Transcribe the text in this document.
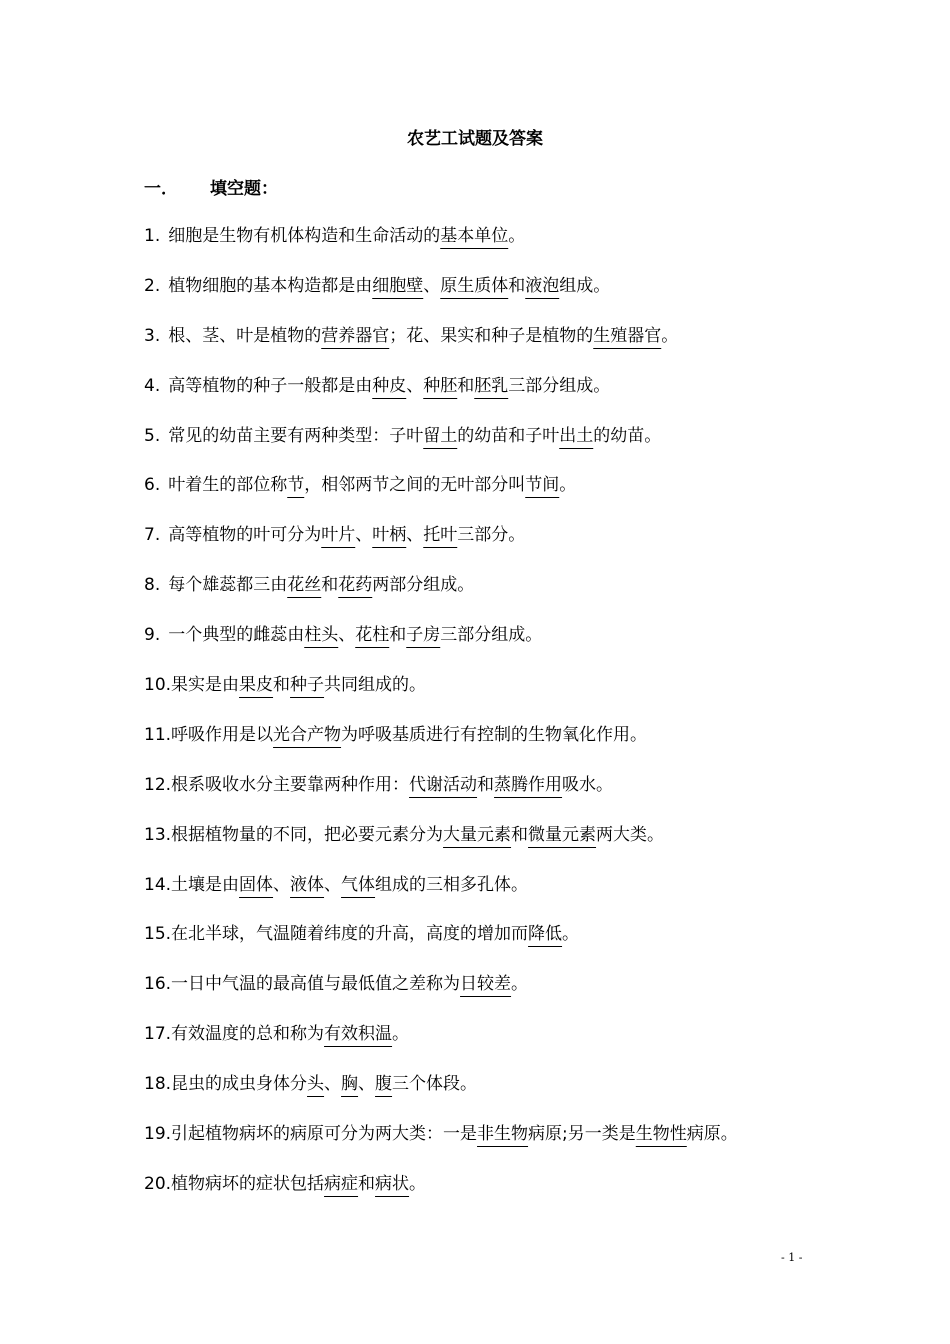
农艺工试题及答案
一． 填空题：
1. 细胞是生物有机体构造和生命活动的基本单位。
2. 植物细胞的基本构造都是由细胞壁、原生质体和液泡组成。
3. 根、茎、叶是植物的营养器官；花、果实和种子是植物的生殖器官。
4. 高等植物的种子一般都是由种皮、种胚和胚乳三部分组成。
5. 常见的幼苗主要有两种类型：子叶留土的幼苗和子叶出土的幼苗。
6. 叶着生的部位称节，相邻两节之间的无叶部分叫节间。
7. 高等植物的叶可分为叶片、叶柄、托叶三部分。
8. 每个雄蕊都三由花丝和花药两部分组成。
9. 一个典型的雌蕊由柱头、花柱和子房三部分组成。
10.果实是由果皮和种子共同组成的。
11.呼吸作用是以光合产物为呼吸基质进行有控制的生物氧化作用。
12.根系吸收水分主要靠两种作用：代谢活动和蒸腾作用吸水。
13.根据植物量的不同，把必要元素分为大量元素和微量元素两大类。
14.土壤是由固体、液体、气体组成的三相多孔体。
15.在北半球，气温随着纬度的升高，高度的增加而降低。
16.一日中气温的最高值与最低值之差称为日较差。
17.有效温度的总和称为有效积温。
18.昆虫的成虫身体分头、胸、腹三个体段。
19.引起植物病坏的病原可分为两大类：一是非生物病原;另一类是生物性病原。
20.植物病坏的症状包括病症和病状。
- 1 -
